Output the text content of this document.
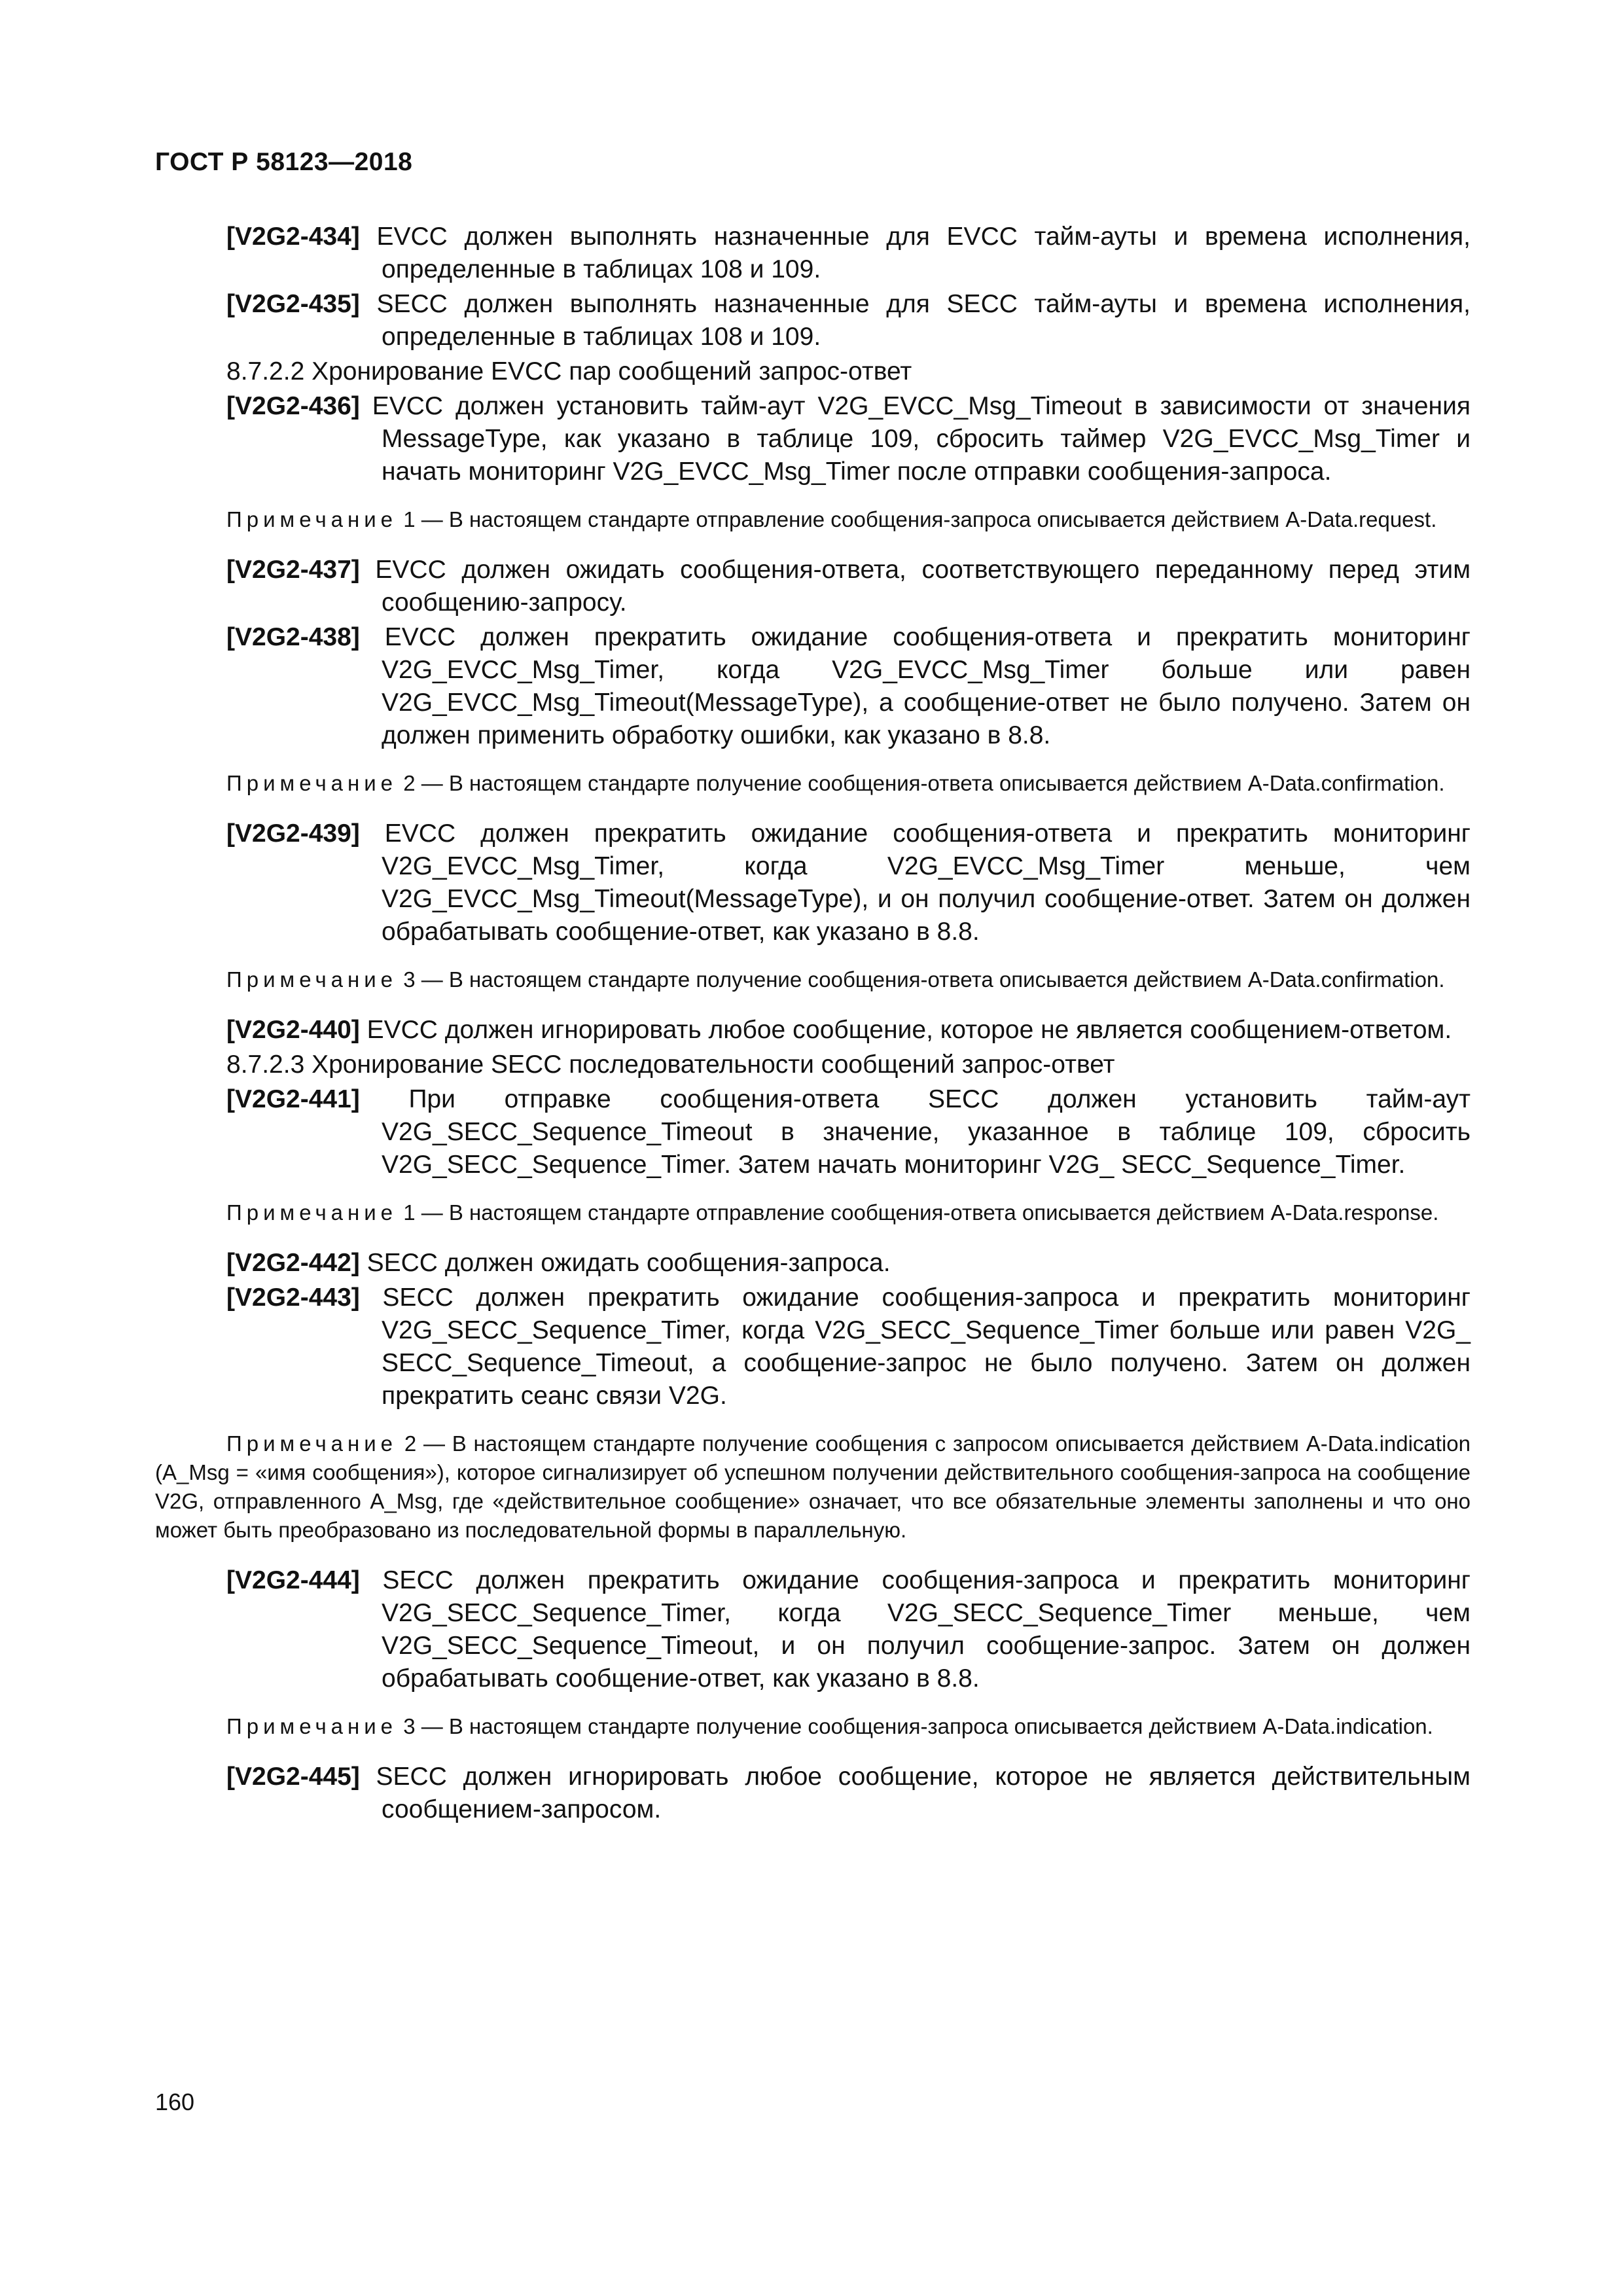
ГОСТ Р 58123—2018

[V2G2-434] EVCC должен выполнять назначенные для EVCC тайм-ауты и времена исполнения, определенные в таблицах 108 и 109.

[V2G2-435] SECC должен выполнять назначенные для SECC тайм-ауты и времена исполнения, определенные в таблицах 108 и 109.

8.7.2.2 Хронирование EVCC пар сообщений запрос-ответ

[V2G2-436] EVCC должен установить тайм-аут V2G_EVCC_Msg_Timeout в зависимости от значения MessageType, как указано в таблице 109, сбросить таймер V2G_EVCC_Msg_Timer и начать мониторинг V2G_EVCC_Msg_Timer после отправки сообщения-запроса.

Примечание 1 — В настоящем стандарте отправление сообщения-запроса описывается действием A-Data.request.

[V2G2-437] EVCC должен ожидать сообщения-ответа, соответствующего переданному перед этим сообщению-запросу.

[V2G2-438] EVCC должен прекратить ожидание сообщения-ответа и прекратить мониторинг V2G_EVCC_Msg_Timer, когда V2G_EVCC_Msg_Timer больше или равен V2G_EVCC_Msg_Timeout(MessageType), а сообщение-ответ не было получено. Затем он должен применить обработку ошибки, как указано в 8.8.

Примечание 2 — В настоящем стандарте получение сообщения-ответа описывается действием A-Data.confirmation.

[V2G2-439] EVCC должен прекратить ожидание сообщения-ответа и прекратить мониторинг V2G_EVCC_Msg_Timer, когда V2G_EVCC_Msg_Timer меньше, чем V2G_EVCC_Msg_Timeout(MessageType), и он получил сообщение-ответ. Затем он должен обрабатывать сообщение-ответ, как указано в 8.8.

Примечание 3 — В настоящем стандарте получение сообщения-ответа описывается действием A-Data.confirmation.

[V2G2-440] EVCC должен игнорировать любое сообщение, которое не является сообщением-ответом.

8.7.2.3 Хронирование SECC последовательности сообщений запрос-ответ

[V2G2-441] При отправке сообщения-ответа SECC должен установить тайм-аут V2G_SECC_Sequence_Timeout в значение, указанное в таблице 109, сбросить V2G_SECC_Sequence_Timer. Затем начать мониторинг V2G_ SECC_Sequence_Timer.

Примечание 1 — В настоящем стандарте отправление сообщения-ответа описывается действием A-Data.response.

[V2G2-442] SECC должен ожидать сообщения-запроса.

[V2G2-443] SECC должен прекратить ожидание сообщения-запроса и прекратить мониторинг V2G_SECC_Sequence_Timer, когда V2G_SECC_Sequence_Timer больше или равен V2G_ SECC_Sequence_Timeout, а сообщение-запрос не было получено. Затем он должен прекратить сеанс связи V2G.

Примечание 2 — В настоящем стандарте получение сообщения с запросом описывается действием A-Data.indication (A_Msg = «имя сообщения»), которое сигнализирует об успешном получении действительного сообщения-запроса на сообщение V2G, отправленного A_Msg, где «действительное сообщение» означает, что все обязательные элементы заполнены и что оно может быть преобразовано из последовательной формы в параллельную.

[V2G2-444] SECC должен прекратить ожидание сообщения-запроса и прекратить мониторинг V2G_SECC_Sequence_Timer, когда V2G_SECC_Sequence_Timer меньше, чем V2G_SECC_Sequence_Timeout, и он получил сообщение-запрос. Затем он должен обрабатывать сообщение-ответ, как указано в 8.8.

Примечание 3 — В настоящем стандарте получение сообщения-запроса описывается действием A-Data.indication.

[V2G2-445] SECC должен игнорировать любое сообщение, которое не является действительным сообщением-запросом.

160
